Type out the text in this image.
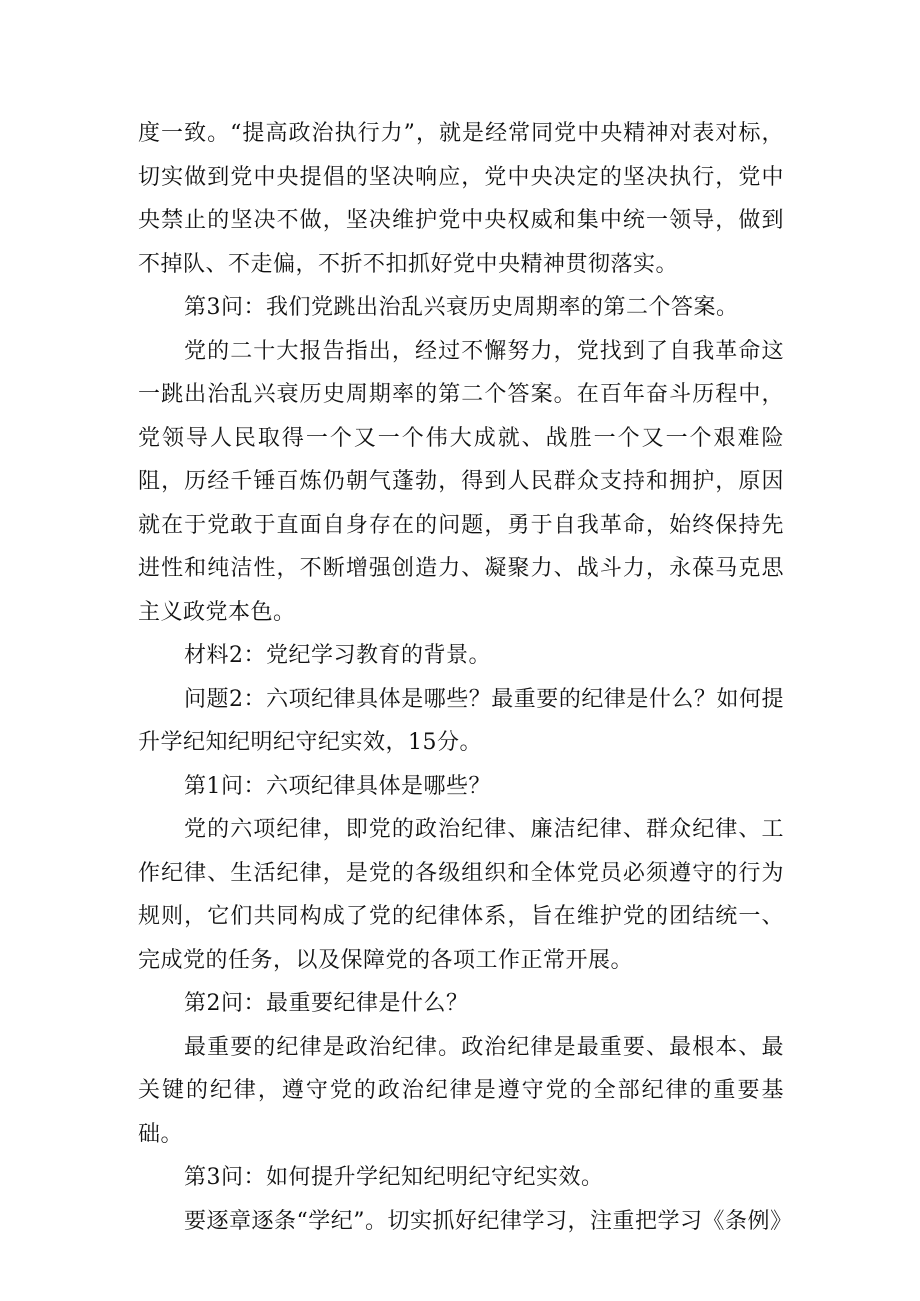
度一致。“提高政治执行力”，就是经常同党中央精神对表对标，切实做到党中央提倡的坚决响应，党中央决定的坚决执行，党中央禁止的坚决不做，坚决维护党中央权威和集中统一领导，做到不掉队、不走偏，不折不扣抓好党中央精神贯彻落实。

第3问：我们党跳出治乱兴衰历史周期率的第二个答案。

党的二十大报告指出，经过不懈努力，党找到了自我革命这一跳出治乱兴衰历史周期率的第二个答案。在百年奋斗历程中，党领导人民取得一个又一个伟大成就、战胜一个又一个艰难险阻，历经千锤百炼仍朝气蓬勃，得到人民群众支持和拥护，原因就在于党敢于直面自身存在的问题，勇于自我革命，始终保持先进性和纯洁性，不断增强创造力、凝聚力、战斗力，永葆马克思主义政党本色。

材料2：党纪学习教育的背景。

问题2：六项纪律具体是哪些？最重要的纪律是什么？如何提升学纪知纪明纪守纪实效，15分。

第1问：六项纪律具体是哪些？

党的六项纪律，即党的政治纪律、廉洁纪律、群众纪律、工作纪律、生活纪律，是党的各级组织和全体党员必须遵守的行为规则，它们共同构成了党的纪律体系，旨在维护党的团结统一、完成党的任务，以及保障党的各项工作正常开展。

第2问：最重要纪律是什么？

最重要的纪律是政治纪律。政治纪律是最重要、最根本、最关键的纪律，遵守党的政治纪律是遵守党的全部纪律的重要基础。

第3问：如何提升学纪知纪明纪守纪实效。

要逐章逐条“学纪”。切实抓好纪律学习，注重把学习《条例》
